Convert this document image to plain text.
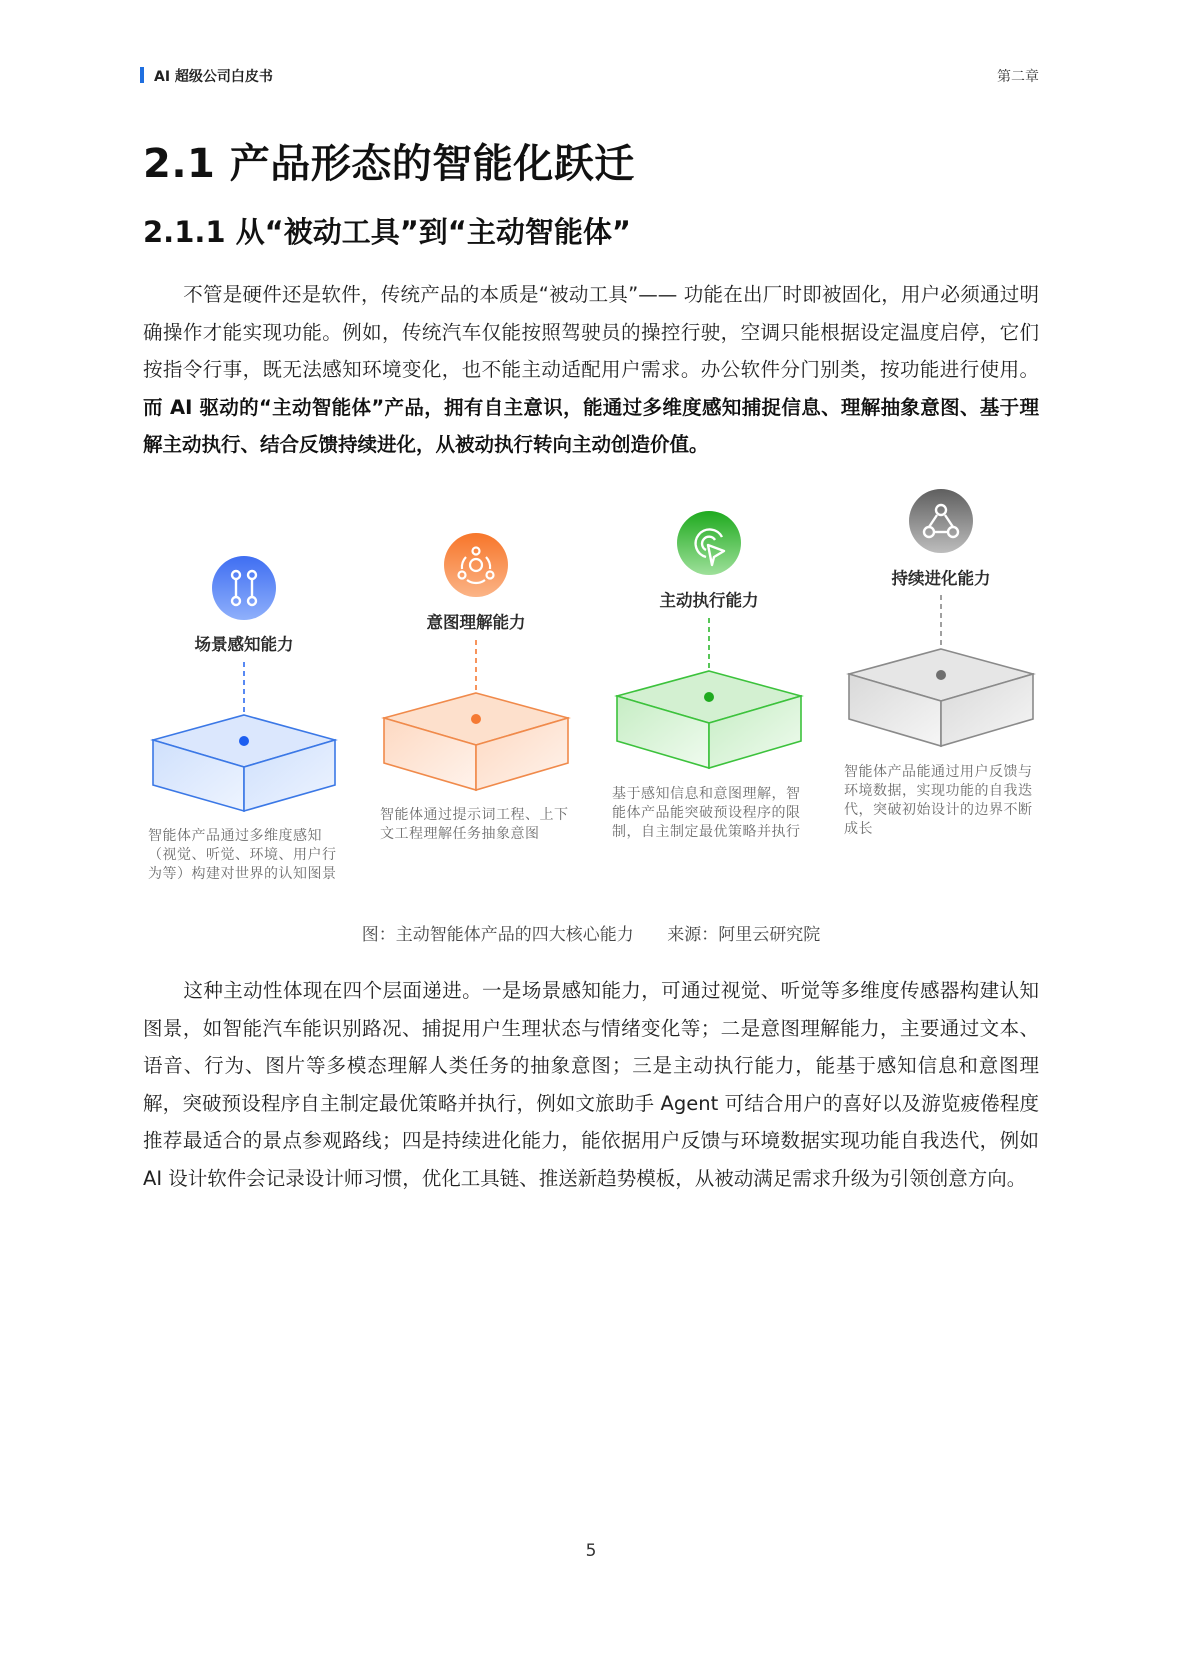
AI 超级公司白皮书	第二章
2.1 产品形态的智能化跃迁
2.1.1 从“被动工具”到“主动智能体”

不管是硬件还是软件，传统产品的本质是“被动工具”—— 功能在出厂时即被固化，用户必须通过明确操作才能实现功能。例如，传统汽车仅能按照驾驶员的操控行驶，空调只能根据设定温度启停，它们按指令行事，既无法感知环境变化，也不能主动适配用户需求。办公软件分门别类，按功能进行使用。而 AI 驱动的“主动智能体”产品，拥有自主意识，能通过多维度感知捕捉信息、理解抽象意图、基于理解主动执行、结合反馈持续进化，从被动执行转向主动创造价值。

场景感知能力
意图理解能力
主动执行能力
持续进化能力
智能体产品通过多维度感知（视觉、听觉、环境、用户行为等）构建对世界的认知图景
智能体通过提示词工程、上下文工程理解任务抽象意图
基于感知信息和意图理解，智能体产品能突破预设程序的限制，自主制定最优策略并执行
智能体产品能通过用户反馈与环境数据，实现功能的自我迭代，突破初始设计的边界不断成长
图：主动智能体产品的四大核心能力 来源：阿里云研究院

这种主动性体现在四个层面递进。一是场景感知能力，可通过视觉、听觉等多维度传感器构建认知图景，如智能汽车能识别路况、捕捉用户生理状态与情绪变化等；二是意图理解能力，主要通过文本、语音、行为、图片等多模态理解人类任务的抽象意图；三是主动执行能力，能基于感知信息和意图理解，突破预设程序自主制定最优策略并执行，例如文旅助手 Agent 可结合用户的喜好以及游览疲倦程度推荐最适合的景点参观路线；四是持续进化能力，能依据用户反馈与环境数据实现功能自我迭代，例如 AI 设计软件会记录设计师习惯，优化工具链、推送新趋势模板，从被动满足需求升级为引领创意方向。

5
